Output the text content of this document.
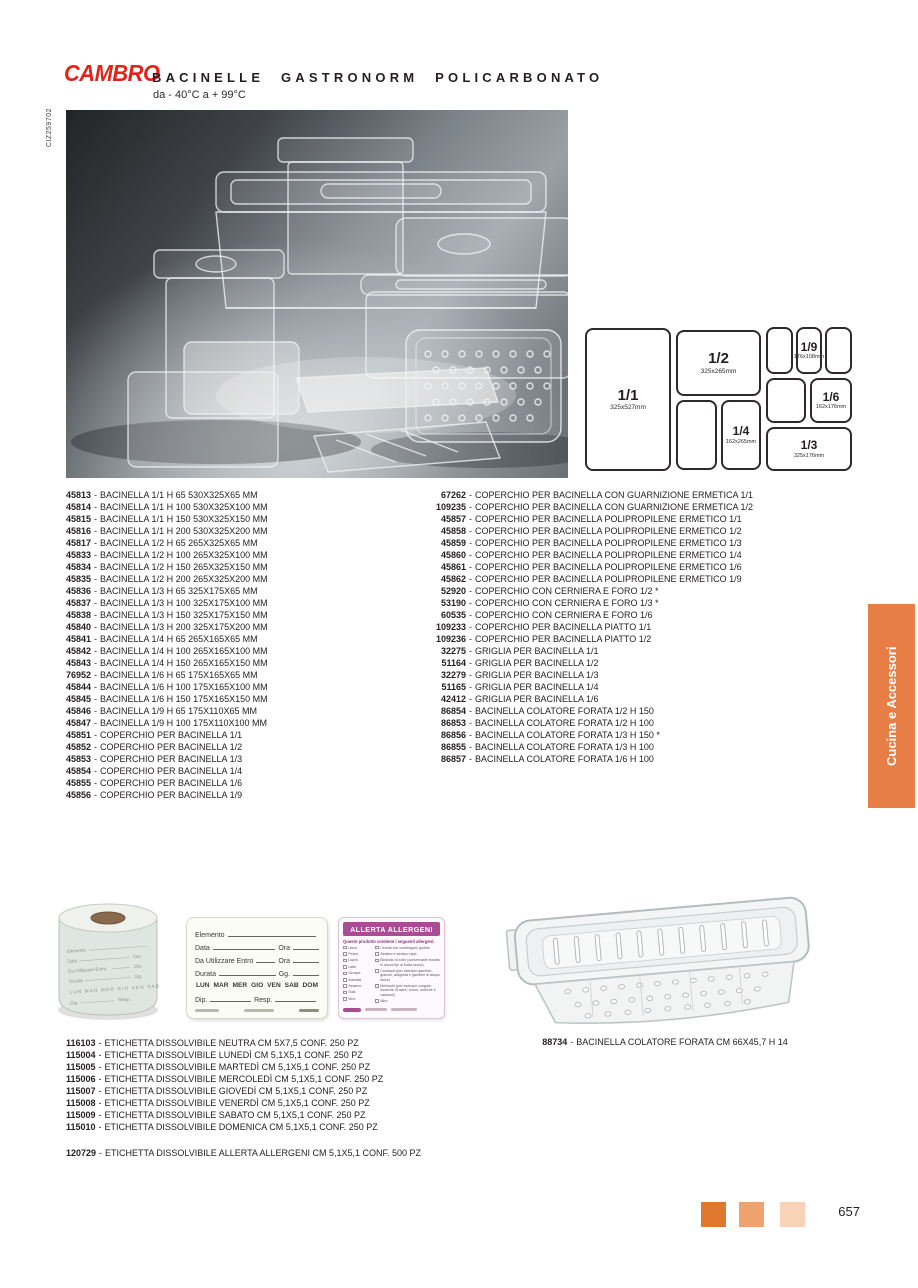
CIZ259702
CAMBRO
BACINELLE GASTRONORM POLICARBONATO
da - 40°C a + 99°C
1/1
325x527mm
1/2
325x265mm
1/4
162x265mm
1/9
176x108mm
1/6
162x176mm
1/3
325x176mm
45813 - BACINELLA 1/1 H 65 530X325X65 MM
45814 - BACINELLA 1/1 H 100 530X325X100 MM
45815 - BACINELLA 1/1 H 150 530X325X150 MM
45816 - BACINELLA 1/1 H 200 530X325X200 MM
45817 - BACINELLA 1/2 H 65 265X325X65 MM
45833 - BACINELLA 1/2 H 100 265X325X100 MM
45834 - BACINELLA 1/2 H 150 265X325X150 MM
45835 - BACINELLA 1/2 H 200 265X325X200 MM
45836 - BACINELLA 1/3 H 65 325X175X65 MM
45837 - BACINELLA 1/3 H 100 325X175X100 MM
45838 - BACINELLA 1/3 H 150 325X175X150 MM
45840 - BACINELLA 1/3 H 200 325X175X200 MM
45841 - BACINELLA 1/4 H 65 265X165X65 MM
45842 - BACINELLA 1/4 H 100 265X165X100 MM
45843 - BACINELLA 1/4 H 150 265X165X150 MM
76952 - BACINELLA 1/6 H 65 175X165X65 MM
45844 - BACINELLA 1/6 H 100 175X165X100 MM
45845 - BACINELLA 1/6 H 150 175X165X150 MM
45846 - BACINELLA 1/9 H 65 175X110X65 MM
45847 - BACINELLA 1/9 H 100 175X110X100 MM
45851 - COPERCHIO PER BACINELLA 1/1
45852 - COPERCHIO PER BACINELLA 1/2
45853 - COPERCHIO PER BACINELLA 1/3
45854 - COPERCHIO PER BACINELLA 1/4
45855 - COPERCHIO PER BACINELLA 1/6
45856 - COPERCHIO PER BACINELLA 1/9
67262 - COPERCHIO PER BACINELLA CON GUARNIZIONE ERMETICA 1/1
109235 - COPERCHIO PER BACINELLA CON GUARNIZIONE ERMETICA 1/2
45857 - COPERCHIO PER BACINELLA POLIPROPILENE ERMETICO 1/1
45858 - COPERCHIO PER BACINELLA POLIPROPILENE ERMETICO 1/2
45859 - COPERCHIO PER BACINELLA POLIPROPILENE ERMETICO 1/3
45860 - COPERCHIO PER BACINELLA POLIPROPILENE ERMETICO 1/4
45861 - COPERCHIO PER BACINELLA POLIPROPILENE ERMETICO 1/6
45862 - COPERCHIO PER BACINELLA POLIPROPILENE ERMETICO 1/9
52920 - COPERCHIO CON CERNIERA E FORO 1/2 *
53190 - COPERCHIO CON CERNIERA E FORO 1/3 *
60535 - COPERCHIO CON CERNIERA E FORO 1/6
109233 - COPERCHIO PER BACINELLA PIATTO 1/1
109236 - COPERCHIO PER BACINELLA PIATTO 1/2
32275 - GRIGLIA PER BACINELLA 1/1
51164 - GRIGLIA PER BACINELLA 1/2
32279 - GRIGLIA PER BACINELLA 1/3
51165 - GRIGLIA PER BACINELLA 1/4
42412 - GRIGLIA PER BACINELLA 1/6
86854 - BACINELLA COLATORE FORATA 1/2 H 150
86853 - BACINELLA COLATORE FORATA 1/2 H 100
86856 - BACINELLA COLATORE FORATA 1/3 H 150 *
86855 - BACINELLA COLATORE FORATA 1/3 H 100
86857 - BACINELLA COLATORE FORATA 1/6 H 100	Cucina e Accessori
Elemento
Data
Ora
Da Utilizzare Entro	Ora
Durata
Gg.
LUN MAR MER GIO VEN SAB
Dip.
Resp.
Elemento
Data	Ora
Da Utilizzare Entro	Ora
Durata	Gg.
LUN MAR MER GIO VEN SAB DOM
Dip.	Resp.
ALLERTA ALLERGENI
Questo prodotto contiene i seguenti allergeni:
Uova
Pesce
Lupini
Latte
Senape
Arachidi
Sesamo
Soia
Vino
Cereali che contengono glutine
Sedano e sedano rapa
Biossido di zolfo (conservante trovato in alcuni tipi di frutta secca)
Crostacei (per esempio gamberi, granchi, aragosta e gamberi di acqua dolce)
Molluschi (per esempio vongole, lumache di mare, cozze, ostriche e calamari)
Altro
88734 - BACINELLA COLATORE FORATA CM 66X45,7 H 14
116103 - ETICHETTA DISSOLVIBILE NEUTRA CM 5X7,5 CONF. 250 PZ
115004 - ETICHETTA DISSOLVIBILE LUNEDÌ CM 5,1X5,1 CONF. 250 PZ
115005 - ETICHETTA DISSOLVIBILE MARTEDÌ CM 5,1X5,1 CONF. 250 PZ
115006 - ETICHETTA DISSOLVIBILE MERCOLEDÌ CM 5,1X5,1 CONF. 250 PZ
115007 - ETICHETTA DISSOLVIBILE GIOVEDÌ CM 5,1X5,1 CONF. 250 PZ
115008 - ETICHETTA DISSOLVIBILE VENERDÌ CM 5,1X5,1 CONF. 250 PZ
115009 - ETICHETTA DISSOLVIBILE SABATO CM 5,1X5,1 CONF. 250 PZ
115010 - ETICHETTA DISSOLVIBILE DOMENICA CM 5,1X5,1 CONF. 250 PZ
120729 - ETICHETTA DISSOLVIBILE ALLERTA ALLERGENI CM 5,1X5,1 CONF. 500 PZ
657
